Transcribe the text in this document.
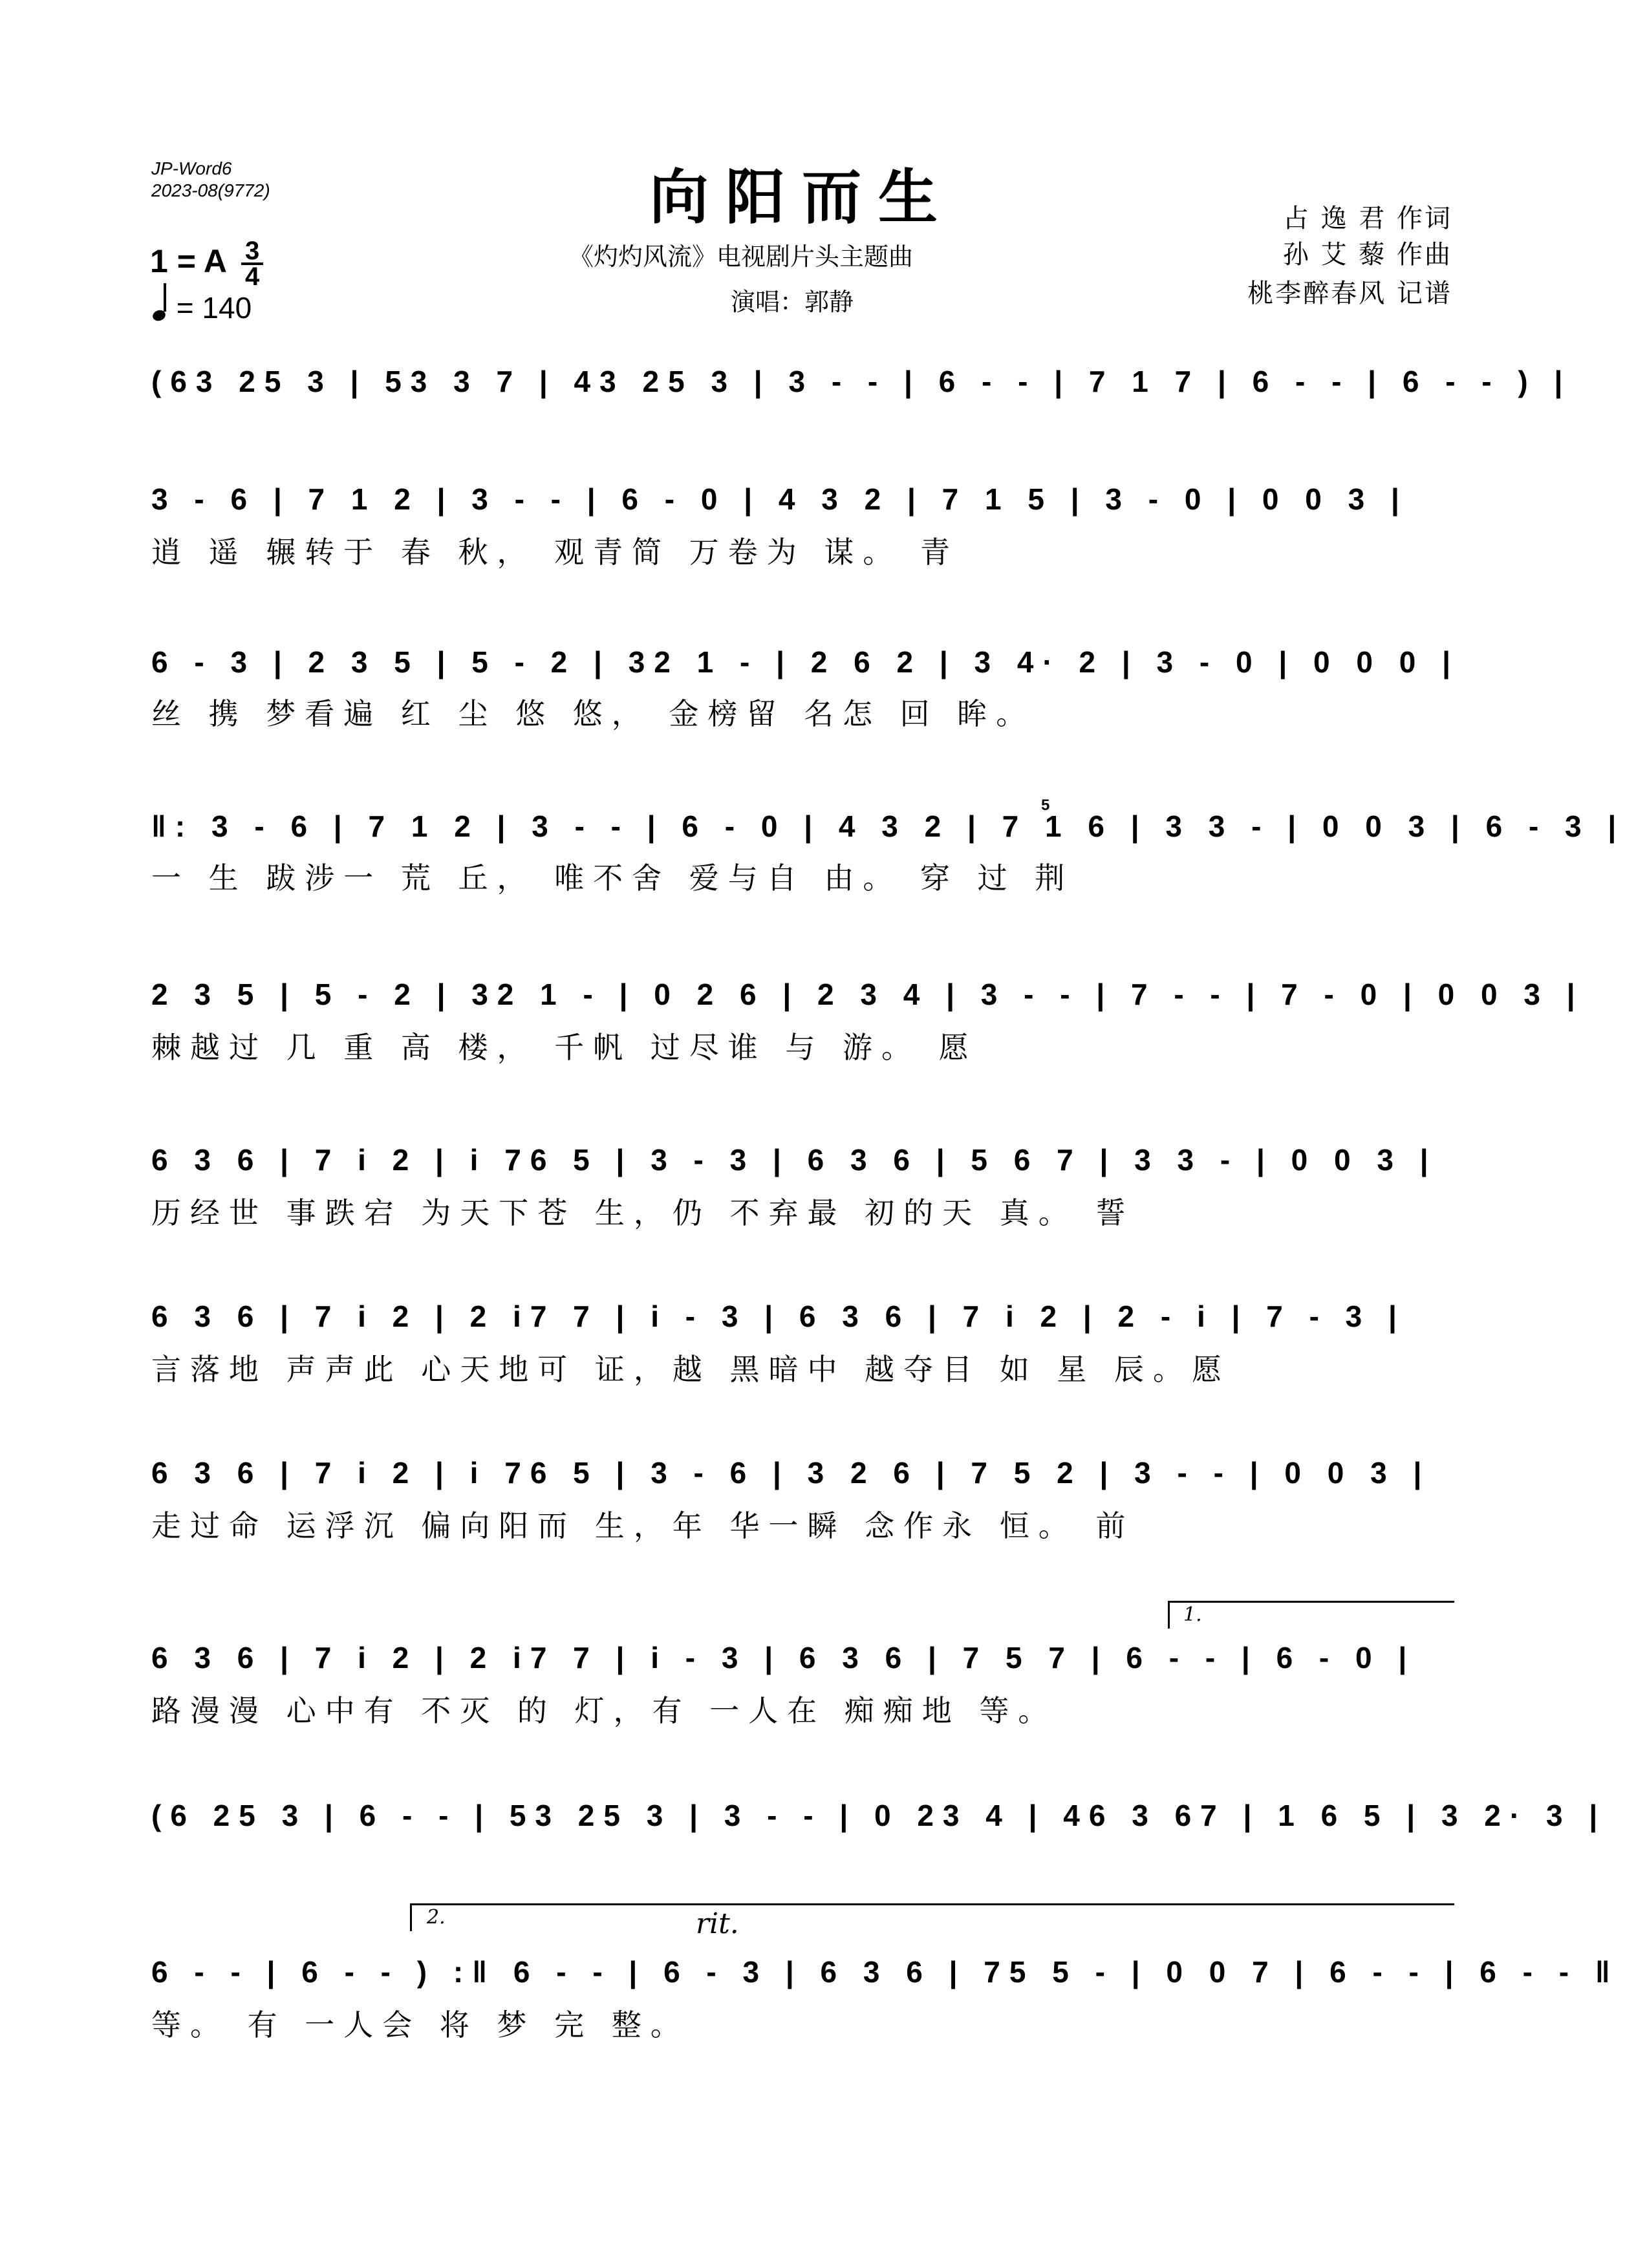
JP-Word6
2023-08(9772)	向阳而生
《灼灼风流》电视剧片头主题曲
演唱：郭静
占 逸 君 作词
孙 艾 藜 作曲
桃李醉春风 记谱
1 = A $\frac{3}{4}$
= 140
(63 25 3 | 53 3 7 | 43 25 3 | 3 - - | 6 - - | 7 1 7 | 6 - - | 6 - - ) |
3 - 6 | 7 1 2 | 3 - - | 6 - 0 | 4 3 2 | 7 1 5 | 3 - 0 | 0 0 3 |
逍 遥 辗转于 春 秋， 观青简 万卷为 谋。 青
6 - 3 | 2 3 5 | 5 - 2 | 32 1 - | 2 6 2 | 3 4· 2 | 3 - 0 | 0 0 0 |
丝 携 梦看遍 红 尘 悠 悠， 金榜留 名怎 回 眸。
5
‖: 3 - 6 | 7 1 2 | 3 - - | 6 - 0 | 4 3 2 | 7 1 6 | 3 3 - | 0 0 3 | 6 - 3 |
一 生 跋涉一 荒 丘， 唯不舍 爱与自 由。 穿 过 荆
2 3 5 | 5 - 2 | 32 1 - | 0 2 6 | 2 3 4 | 3 - - | 7 - - | 7 - 0 | 0 0 3 |
棘越过 几 重 高 楼， 千帆 过尽谁 与 游。 愿
6 3 6 | 7 i 2 | i 76 5 | 3 - 3 | 6 3 6 | 5 6 7 | 3 3 - | 0 0 3 |
历经世 事跌宕 为天下苍 生，仍 不弃最 初的天 真。 誓
6 3 6 | 7 i 2 | 2 i7 7 | i - 3 | 6 3 6 | 7 i 2 | 2 - i | 7 - 3 |
言落地 声声此 心天地可 证，越 黑暗中 越夺目 如 星 辰。愿
6 3 6 | 7 i 2 | i 76 5 | 3 - 6 | 3 2 6 | 7 5 2 | 3 - - | 0 0 3 |
走过命 运浮沉 偏向阳而 生，年 华一瞬 念作永 恒。 前
1.
6 3 6 | 7 i 2 | 2 i7 7 | i - 3 | 6 3 6 | 7 5 7 | 6 - - | 6 - 0 |
路漫漫 心中有 不灭 的 灯，有 一人在 痴痴地 等。
(6 25 3 | 6 - - | 53 25 3 | 3 - - | 0 23 4 | 46 3 67 | 1 6 5 | 3 2· 3 |
2.	rit.
6 - - | 6 - - ) :‖ 6 - - | 6 - 3 | 6 3 6 | 75 5 - | 0 0 7 | 6 - - | 6 - - ‖
等。 有 一人会 将 梦 完 整。
